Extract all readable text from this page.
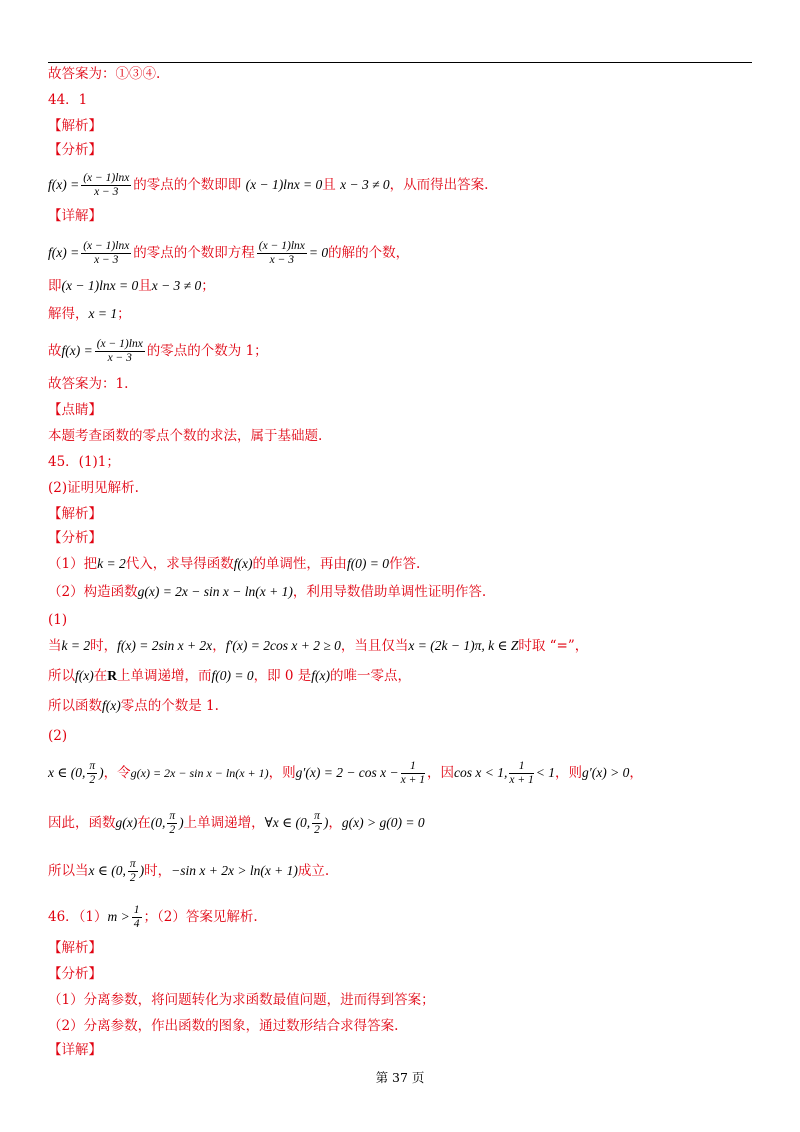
故答案为：①③④.
44．1
【解析】
【分析】
$f(x) = \frac{(x - 1)\ln x}{x - 3}$ 的零点的个数即即 (x − 1)lnx = 0且 x − 3 ≠ 0，从而得出答案.
【详解】
$f(x) = \frac{(x - 1)\ln x}{x - 3}$ 的零点的个数即方程 $\frac{(x - 1)\ln x}{x - 3} = 0$的解的个数，
即(x − 1)lnx = 0且x − 3 ≠ 0；
解得，x = 1；
故$f(x) = \frac{(x - 1)\ln x}{x - 3}$ 的零点的个数为 1；
故答案为：1.
【点睛】
本题考查函数的零点个数的求法，属于基础题.
45．(1)1；
(2)证明见解析.
【解析】
【分析】
（1）把k = 2代入，求导得函数f(x)的单调性，再由f(0) = 0作答.
（2）构造函数g(x) = 2x − sin x − ln(x + 1)，利用导数借助单调性证明作答.
(1)
当k = 2时，f(x) = 2sin x + 2x，f′(x) = 2cos x + 2 ≥ 0，当且仅当x = (2k − 1)π, k ∈ Z时取 “=”，
所以f(x)在R上单调递增，而f(0) = 0，即 0 是f(x)的唯一零点，
所以函数f(x)零点的个数是 1.
(2)
x ∈ (0, $\frac{\pi}{2}$ )，令g(x) = 2x − sin x − ln(x + 1)，则$g'(x) = 2 - \cos x - \frac{1}{x + 1}$ ，因cos x < 1, $\frac{1}{x + 1} < 1$，则g′(x) > 0，
因此，函数g(x)在(0, $\frac{\pi}{2}$ )上单调递增，∀x ∈ (0, $\frac{\pi}{2}$ )，g(x) > g(0) = 0
所以当x ∈ (0, $\frac{\pi}{2}$ )时，−sin x + 2x > ln(x + 1)成立.
46．$(1)m > \frac{1}{4}$ ；（2）答案见解析.
【解析】
【分析】
（1）分离参数，将问题转化为求函数最值问题，进而得到答案；
（2）分离参数，作出函数的图象，通过数形结合求得答案.
【详解】
第 37 页
